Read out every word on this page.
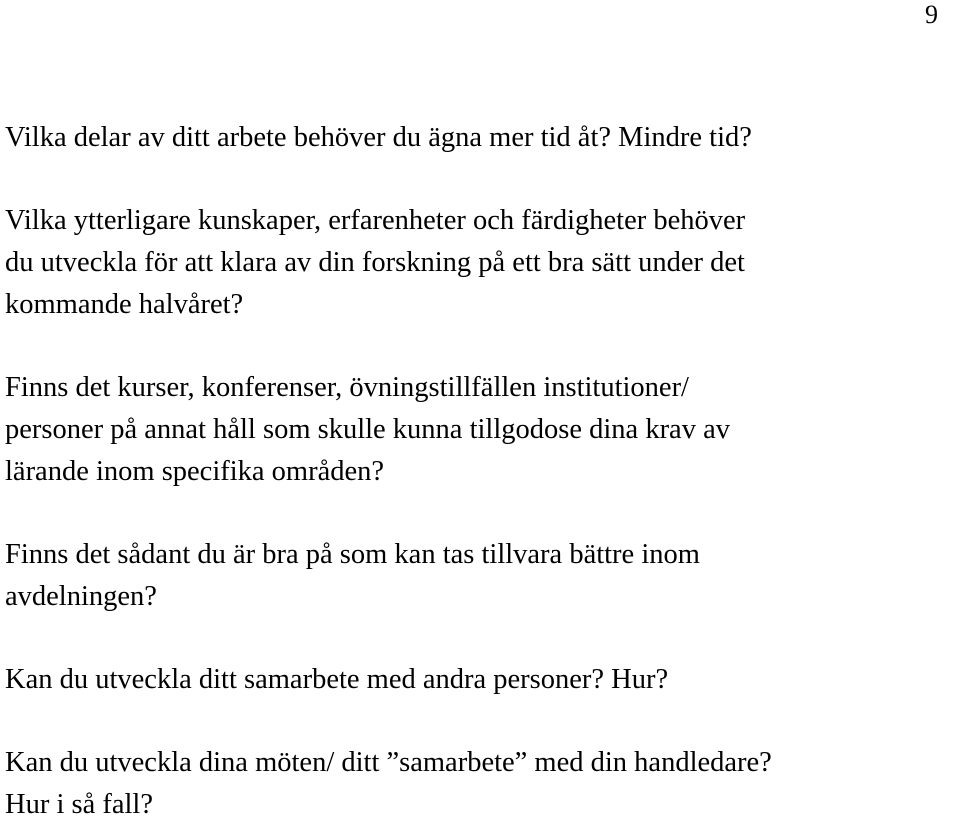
9

Vilka delar av ditt arbete behöver du ägna mer tid åt? Mindre tid?

Vilka ytterligare kunskaper, erfarenheter och färdigheter behöver
du utveckla för att klara av din forskning på ett bra sätt under det
kommande halvåret?

Finns det kurser, konferenser, övningstillfällen institutioner/
personer på annat håll som skulle kunna tillgodose dina krav av
lärande inom specifika områden?

Finns det sådant du är bra på som kan tas tillvara bättre inom
avdelningen?

Kan du utveckla ditt samarbete med andra personer? Hur?

Kan du utveckla dina möten/ ditt ”samarbete” med din handledare?
Hur i så fall?
